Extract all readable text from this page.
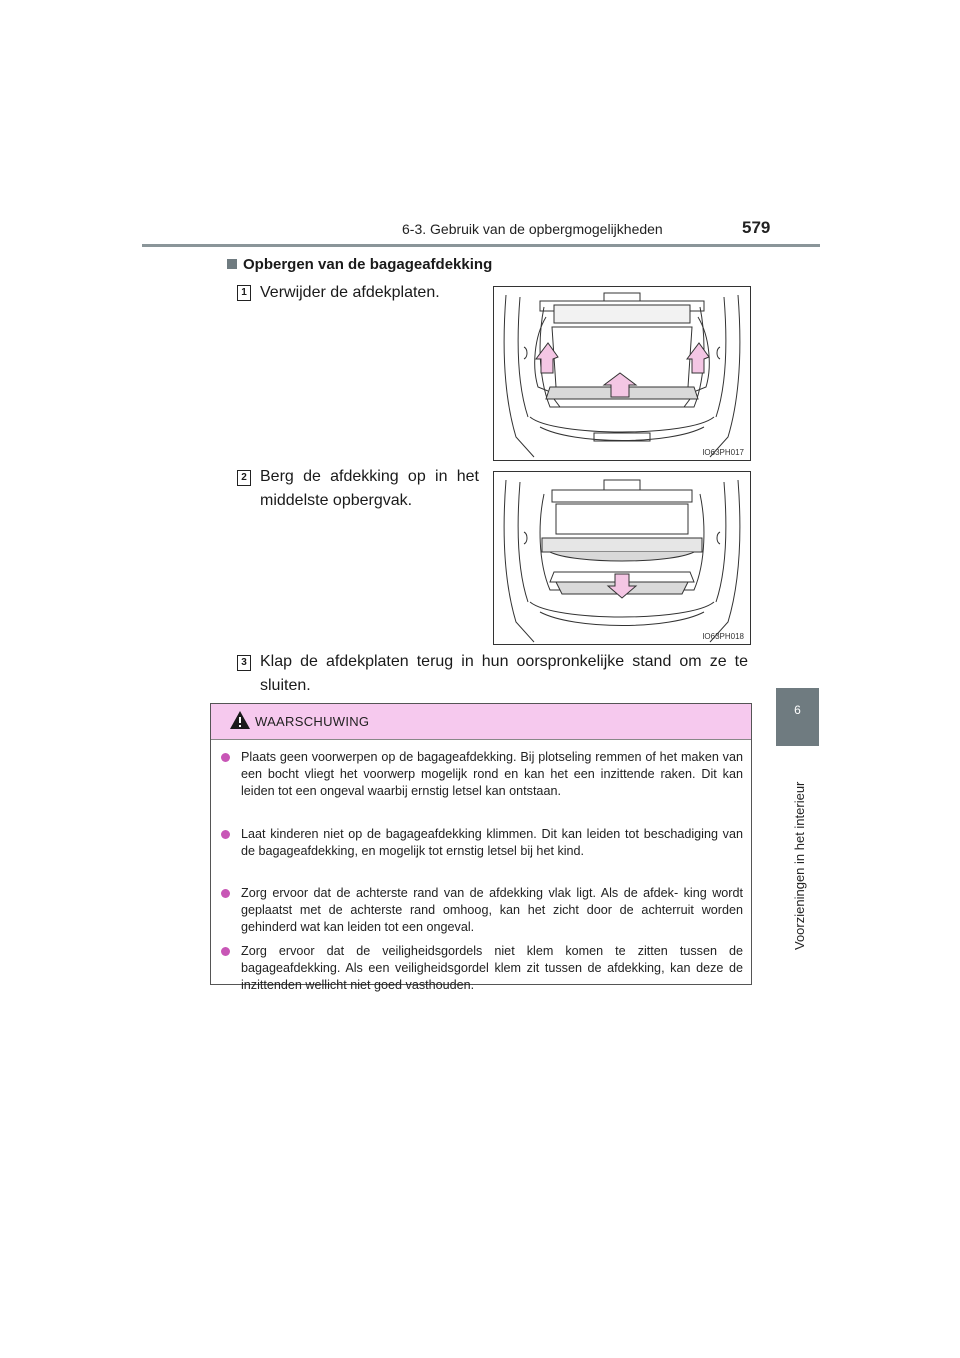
6-3. Gebruik van de opbergmogelijkheden	579
6
Voorzieningen in het interieur
Opbergen van de bagageafdekking
1 Verwijder de afdekplaten.
IO63PH017
2 Berg de afdekking op in het
middelste opbergvak.
IO63PH018
3 Klap de afdekplaten terug in hun oorspronkelijke stand om ze te
sluiten.
WAARSCHUWING
Plaats geen voorwerpen op de bagageafdekking. Bij plotseling remmen of het maken van een bocht vliegt het voorwerp mogelijk rond en kan het een inzittende raken. Dit kan leiden tot een ongeval waarbij ernstig letsel kan ontstaan.
Laat kinderen niet op de bagageafdekking klimmen. Dit kan leiden tot beschadiging van de bagageafdekking, en mogelijk tot ernstig letsel bij het kind.
Zorg ervoor dat de achterste rand van de afdekking vlak ligt. Als de afdek- king wordt geplaatst met de achterste rand omhoog, kan het zicht door de achterruit worden gehinderd wat kan leiden tot een ongeval.
Zorg ervoor dat de veiligheidsgordels niet klem komen te zitten tussen de bagageafdekking. Als een veiligheidsgordel klem zit tussen de afdekking, kan deze de inzittenden wellicht niet goed vasthouden.
